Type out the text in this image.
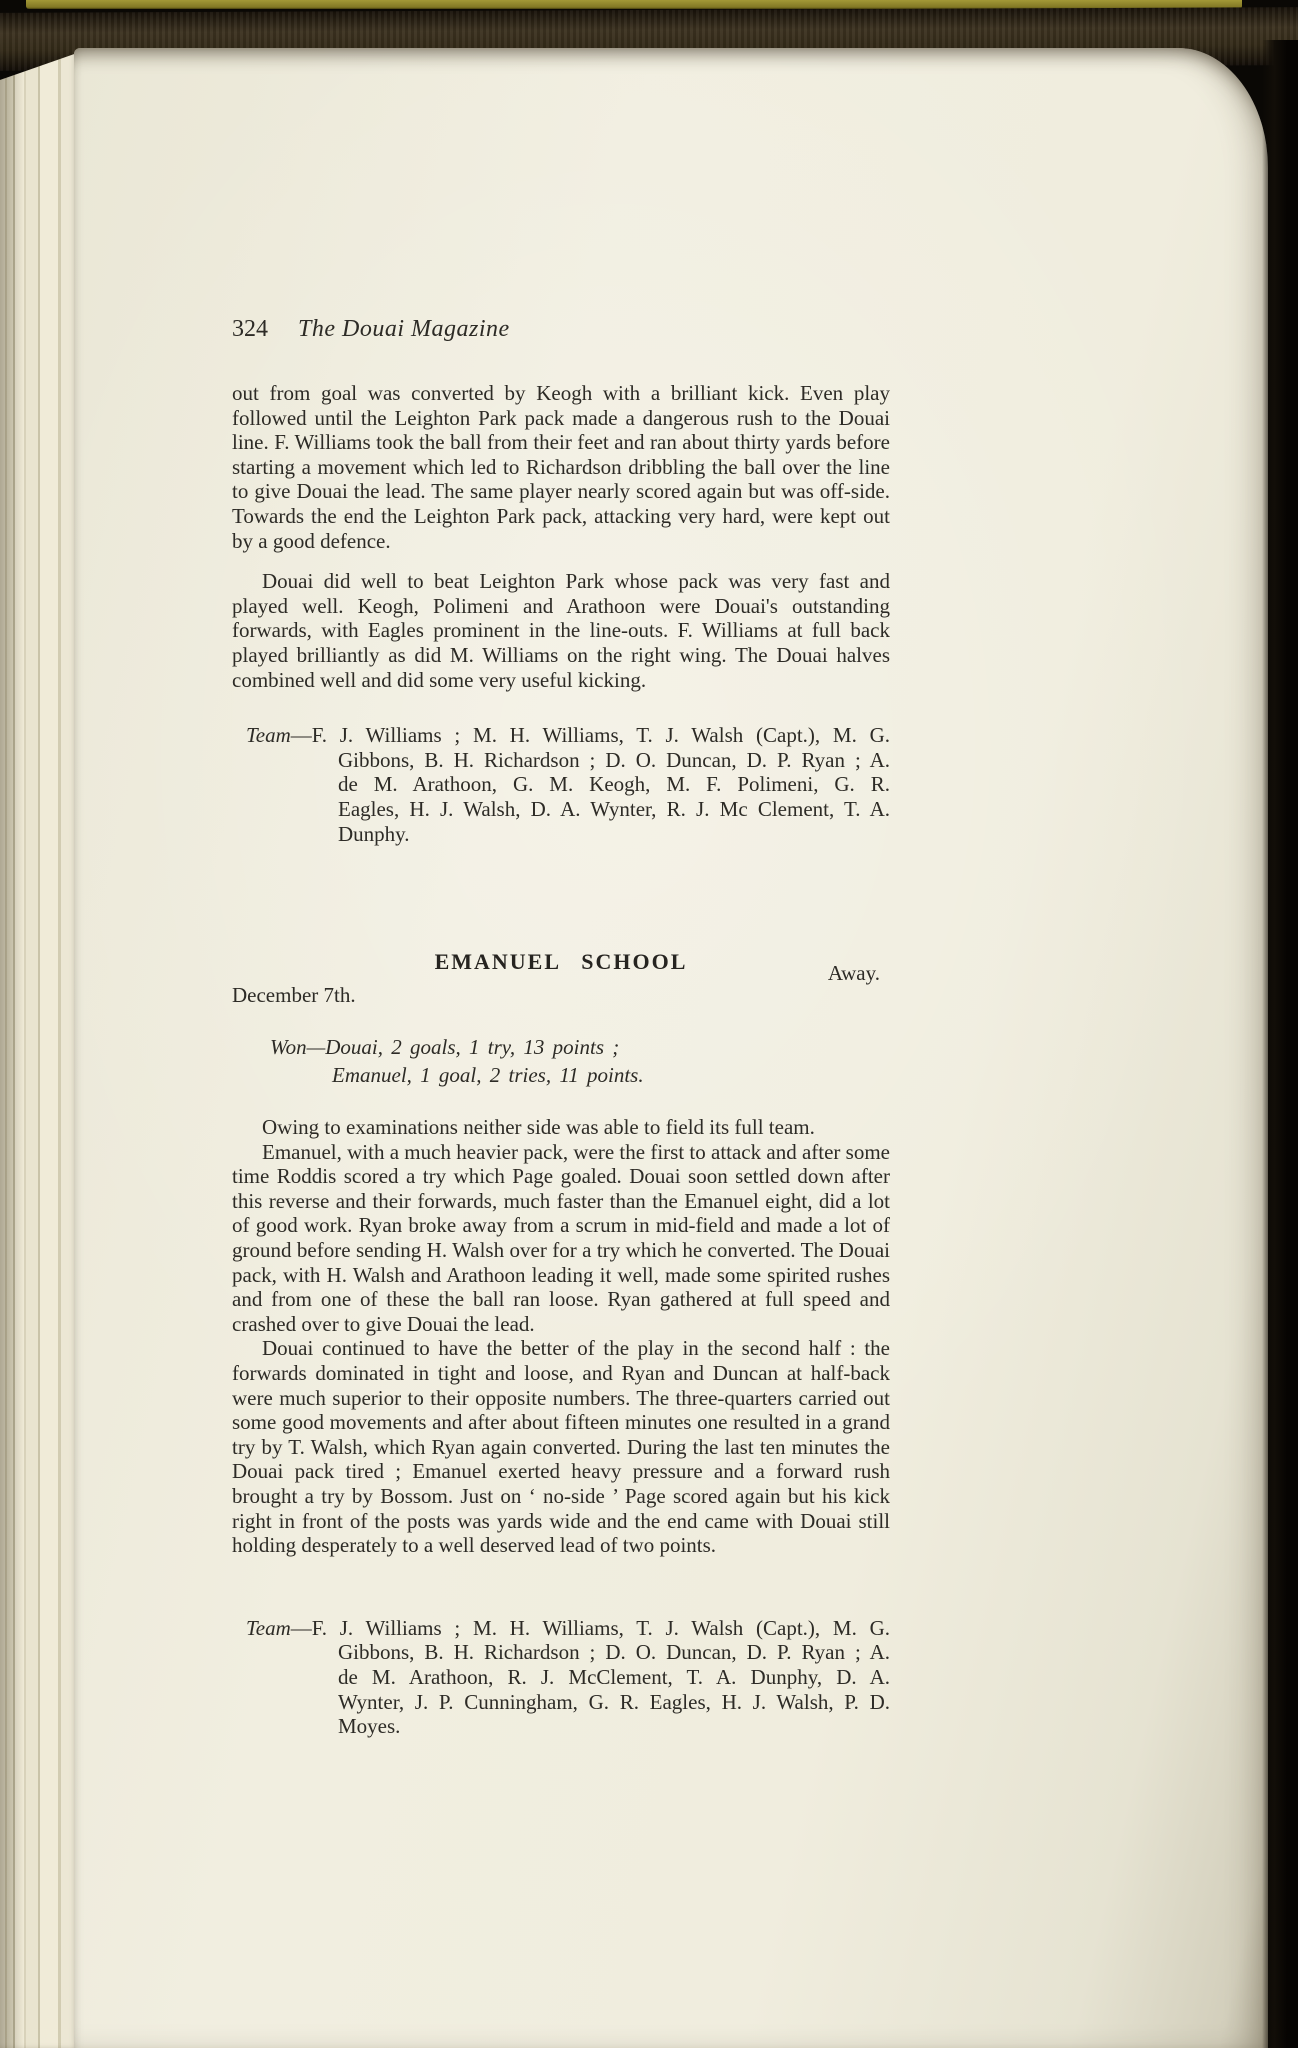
324 The Douai Magazine

out from goal was converted by Keogh with a brilliant kick. Even play followed until the Leighton Park pack made a dangerous rush to the Douai line. F. Williams took the ball from their feet and ran about thirty yards before starting a movement which led to Richardson dribbling the ball over the line to give Douai the lead. The same player nearly scored again but was off-side. Towards the end the Leighton Park pack, attacking very hard, were kept out by a good defence.

Douai did well to beat Leighton Park whose pack was very fast and played well. Keogh, Polimeni and Arathoon were Douai's outstanding forwards, with Eagles prominent in the line-outs. F. Williams at full back played brilliantly as did M. Williams on the right wing. The Douai halves combined well and did some very useful kicking.

Team—F. J. Williams ; M. H. Williams, T. J. Walsh (Capt.), M. G. Gibbons, B. H. Richardson ; D. O. Duncan, D. P. Ryan ; A. de M. Arathoon, G. M. Keogh, M. F. Polimeni, G. R. Eagles, H. J. Walsh, D. A. Wynter, R. J. Mc Clement, T. A. Dunphy.

EMANUEL SCHOOL
December 7th.
Away.
Won—Douai, 2 goals, 1 try, 13 points ;
Emanuel, 1 goal, 2 tries, 11 points.

Owing to examinations neither side was able to field its full team.

Emanuel, with a much heavier pack, were the first to attack and after some time Roddis scored a try which Page goaled. Douai soon settled down after this reverse and their forwards, much faster than the Emanuel eight, did a lot of good work. Ryan broke away from a scrum in mid-field and made a lot of ground before sending H. Walsh over for a try which he converted. The Douai pack, with H. Walsh and Arathoon leading it well, made some spirited rushes and from one of these the ball ran loose. Ryan gathered at full speed and crashed over to give Douai the lead.

Douai continued to have the better of the play in the second half : the forwards dominated in tight and loose, and Ryan and Duncan at half-back were much superior to their opposite numbers. The three-quarters carried out some good movements and after about fifteen minutes one resulted in a grand try by T. Walsh, which Ryan again converted. During the last ten minutes the Douai pack tired ; Emanuel exerted heavy pressure and a forward rush brought a try by Bossom. Just on ‘ no-side ’ Page scored again but his kick right in front of the posts was yards wide and the end came with Douai still holding desperately to a well deserved lead of two points.

Team—F. J. Williams ; M. H. Williams, T. J. Walsh (Capt.), M. G. Gibbons, B. H. Richardson ; D. O. Duncan, D. P. Ryan ; A. de M. Arathoon, R. J. McClement, T. A. Dunphy, D. A. Wynter, J. P. Cunningham, G. R. Eagles, H. J. Walsh, P. D. Moyes.
